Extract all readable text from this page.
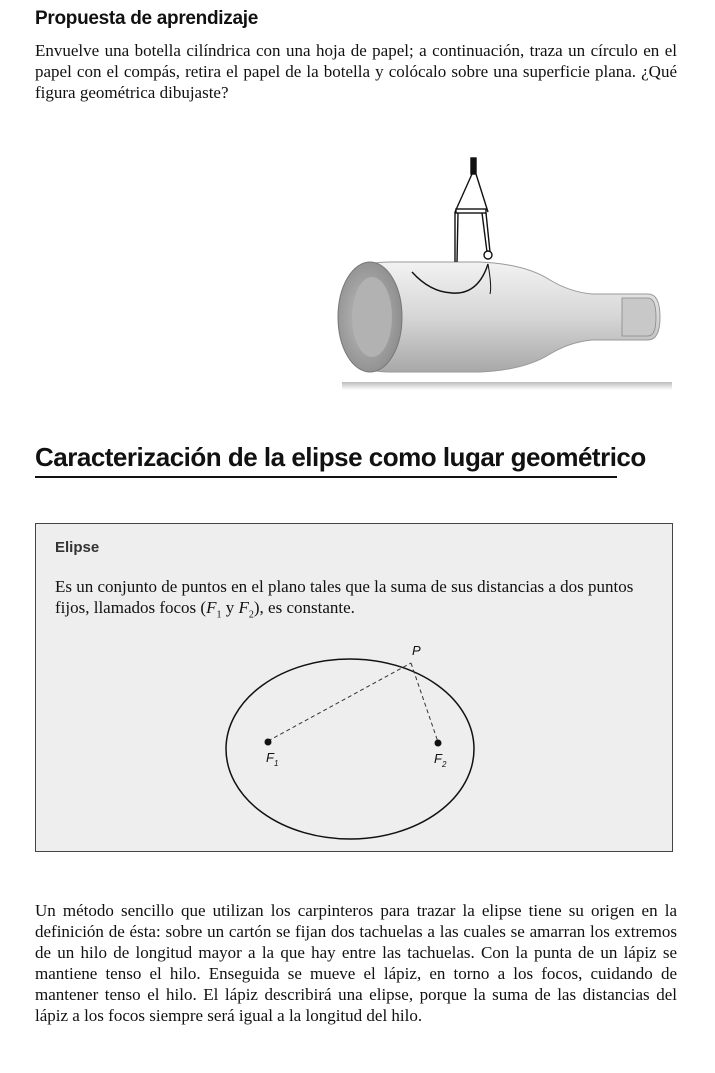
Propuesta de aprendizaje

Envuelve una botella cilíndrica con una hoja de papel; a continuación, traza un círculo en el papel con el compás, retira el papel de la botella y colócalo sobre una superficie plana. ¿Qué figura geométrica dibujaste?

Caracterización de la elipse como lugar geométrico
Elipse

Es un conjunto de puntos en el plano tales que la suma de sus distancias a dos puntos fijos, llamados focos ($F_1$ y $F_2$), es constante.

P
$F_1$	$F_2$

Un método sencillo que utilizan los carpinteros para trazar la elipse tiene su origen en la definición de ésta: sobre un cartón se fijan dos tachuelas a las cuales se amarran los extremos de un hilo de longitud mayor a la que hay entre las tachuelas. Con la punta de un lápiz se mantiene tenso el hilo. Enseguida se mueve el lápiz, en torno a los focos, cuidando de mantener tenso el hilo. El lápiz describirá una elipse, porque la suma de las distancias del lápiz a los focos siempre será igual a la longitud del hilo.
